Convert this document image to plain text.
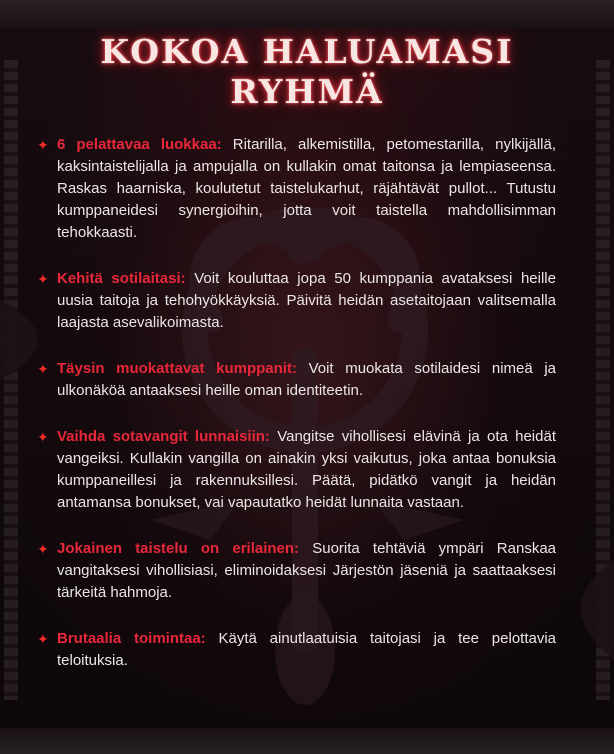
KOKOA HALUAMASI
RYHMÄ
✦ 6 pelattavaa luokkaa: Ritarilla, alkemistilla, petomestarilla, nylkijällä, kaksintaistelijalla ja ampujalla on kullakin omat taitonsa ja lempiaseensa. Raskas haarniska, koulutetut taistelukarhut, räjähtävät pullot... Tutustu kumppaneidesi synergioihin, jotta voit taistella mahdollisimman tehokkaasti.
✦ Kehitä sotilaitasi: Voit kouluttaa jopa 50 kumppania avataksesi heille uusia taitoja ja tehohyökkäyksiä. Päivitä heidän asetaitojaan valitsemalla laajasta asevalikoimasta.
✦ Täysin muokattavat kumppanit: Voit muokata sotilaidesi nimeä ja ulkonäköä antaaksesi heille oman identiteetin.
✦ Vaihda sotavangit lunnaisiin: Vangitse vihollisesi elävinä ja ota heidät vangeiksi. Kullakin vangilla on ainakin yksi vaikutus, joka antaa bonuksia kumppaneillesi ja rakennuksillesi. Päätä, pidätkö vangit ja heidän antamansa bonukset, vai vapautatko heidät lunnaita vastaan.
✦ Jokainen taistelu on erilainen: Suorita tehtäviä ympäri Ranskaa vangitaksesi vihollisiasi, eliminoidaksesi Järjestön jäseniä ja saattaaksesi tärkeitä hahmoja.
✦ Brutaalia toimintaa: Käytä ainutlaatuisia taitojasi ja tee pelottavia teloituksia.
